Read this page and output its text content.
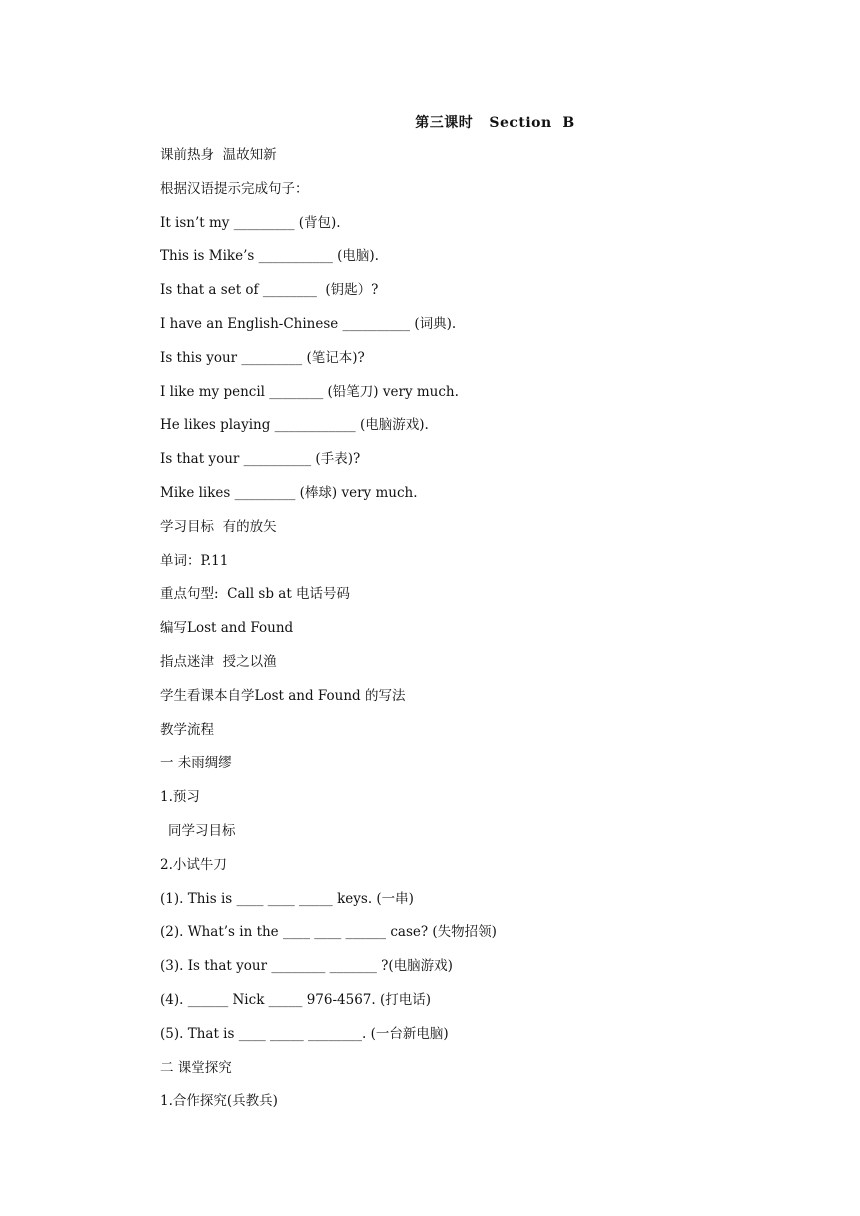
第三课时   Section  B
课前热身  温故知新
根据汉语提示完成句子：
It isn’t my _________ (背包).
This is Mike’s ___________ (电脑).
Is that a set of ________  (钥匙）?
I have an English-Chinese __________ (词典).
Is this your _________ (笔记本)?
I like my pencil ________ (铅笔刀) very much.
He likes playing ____________ (电脑游戏).
Is that your __________ (手表)?
Mike likes _________ (棒球) very much.
学习目标  有的放矢
单词：P.11
重点句型:  Call sb at 电话号码
编写Lost and Found
指点迷津  授之以渔
学生看课本自学Lost and Found 的写法
教学流程
一 未雨绸缪
1.预习
同学习目标
2.小试牛刀
(1). This is ____ ____ _____ keys. (一串)
(2). What’s in the ____ ____ ______ case? (失物招领)
(3). Is that your ________ _______ ?(电脑游戏)
(4). ______ Nick _____ 976-4567. (打电话)
(5). That is ____ _____ ________. (一台新电脑)
二 课堂探究
1.合作探究(兵教兵)
